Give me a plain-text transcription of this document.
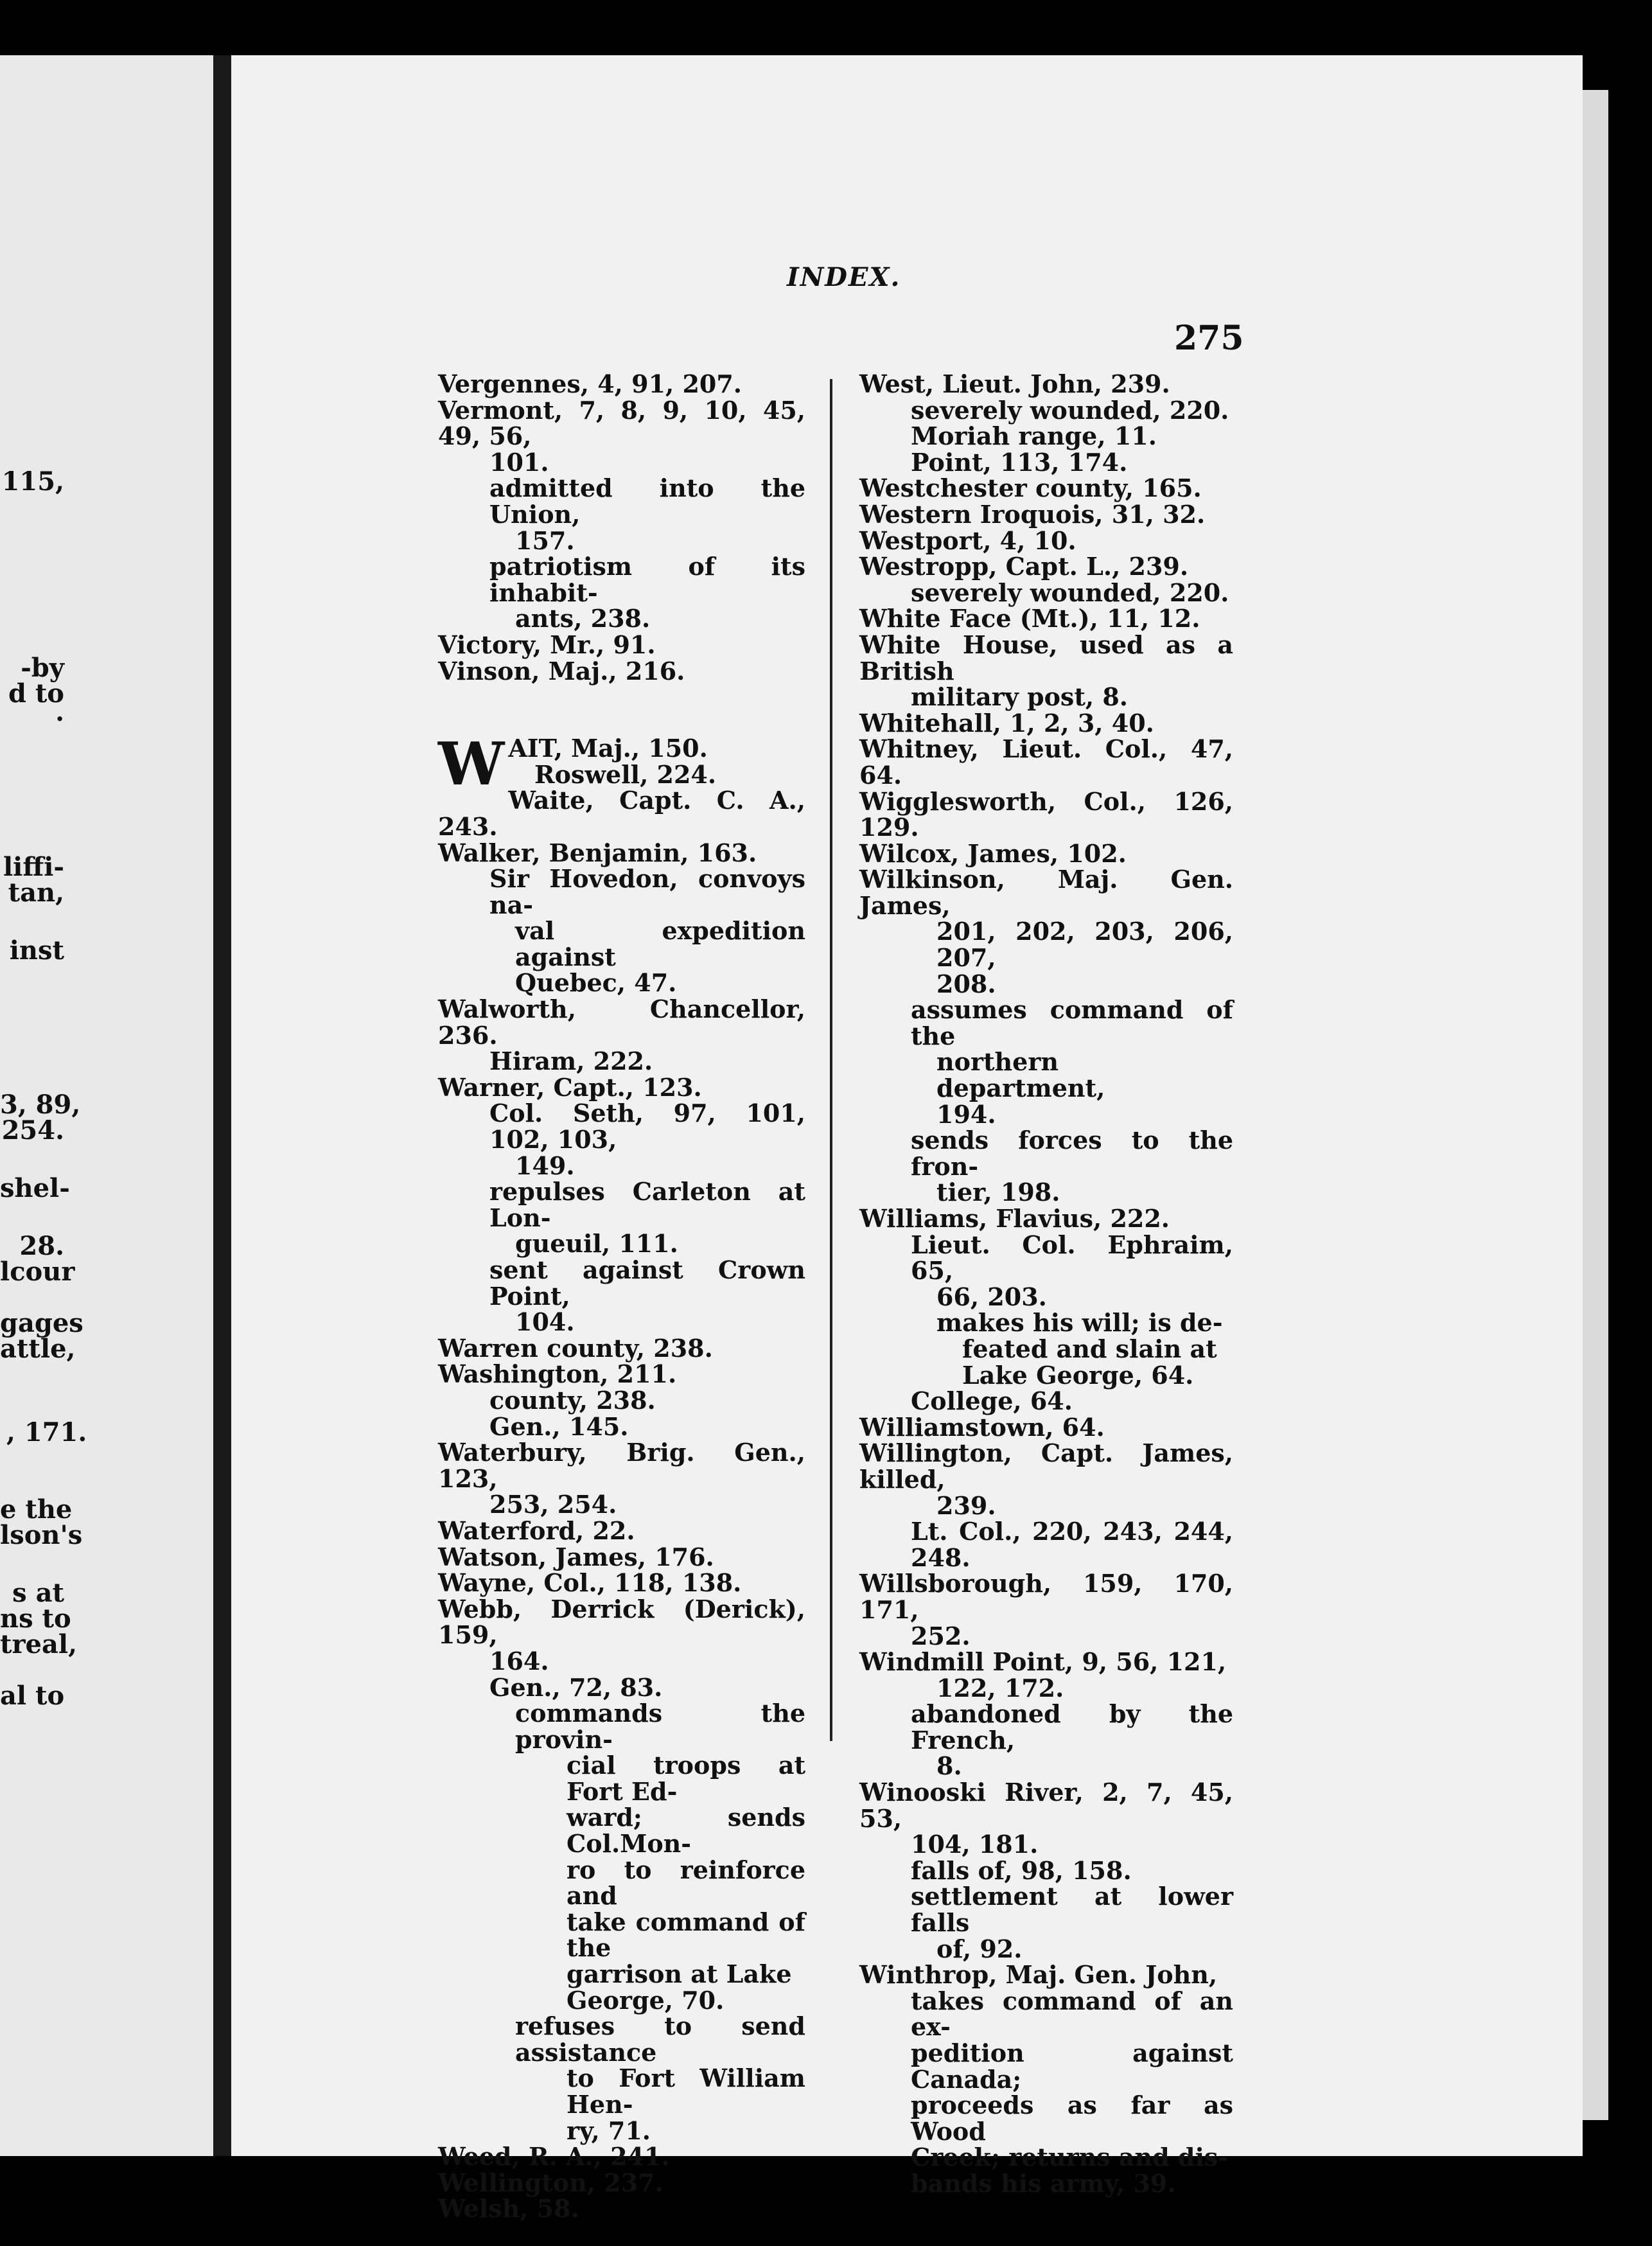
115,
-by
d to
·
liffi-
tan,
inst
3, 89,
254.
shel-
28.
lcour
gages
attle,
, 171.
e the
lson's
s at
ns to
treal,
al to
INDEX.
275

Vergennes, 4, 91, 207.

Vermont, 7, 8, 9, 10, 45, 49, 56,

101.

admitted into the Union,

157.

patriotism of its inhabit-

ants, 238.

Victory, Mr., 91.

Vinson, Maj., 216.

WAIT, Maj., 150.

Roswell, 224.

Waite, Capt. C. A., 243.

Walker, Benjamin, 163.

Sir Hovedon, convoys na-

val expedition against

Quebec, 47.

Walworth, Chancellor, 236.

Hiram, 222.

Warner, Capt., 123.

Col. Seth, 97, 101, 102, 103,

149.

repulses Carleton at Lon-

gueuil, 111.

sent against Crown Point,

104.

Warren county, 238.

Washington, 211.

county, 238.

Gen., 145.

Waterbury, Brig. Gen., 123,

253, 254.

Waterford, 22.

Watson, James, 176.

Wayne, Col., 118, 138.

Webb, Derrick (Derick), 159,

164.

Gen., 72, 83.

commands the provin-

cial troops at Fort Ed-

ward; sends Col.Mon-

ro to reinforce and

take command of the

garrison at Lake

George, 70.

refuses to send assistance

to Fort William Hen-

ry, 71.

Weed, R. A., 241.

Wellington, 237.

Welsh, 58.

West, Lieut. John, 239.

severely wounded, 220.

Moriah range, 11.

Point, 113, 174.

Westchester county, 165.

Western Iroquois, 31, 32.

Westport, 4, 10.

Westropp, Capt. L., 239.

severely wounded, 220.

White Face (Mt.), 11, 12.

White House, used as a British

military post, 8.

Whitehall, 1, 2, 3, 40.

Whitney, Lieut. Col., 47, 64.

Wigglesworth, Col., 126, 129.

Wilcox, James, 102.

Wilkinson, Maj. Gen. James,

201, 202, 203, 206, 207,

208.

assumes command of the

northern department,

194.

sends forces to the fron-

tier, 198.

Williams, Flavius, 222.

Lieut. Col. Ephraim, 65,

66, 203.

makes his will; is de-

feated and slain at

Lake George, 64.

College, 64.

Williamstown, 64.

Willington, Capt. James, killed,

239.

Lt. Col., 220, 243, 244, 248.

Willsborough, 159, 170, 171,

252.

Windmill Point, 9, 56, 121,

122, 172.

abandoned by the French,

8.

Winooski River, 2, 7, 45, 53,

104, 181.

falls of, 98, 158.

settlement at lower falls

of, 92.

Winthrop, Maj. Gen. John,

takes command of an ex-

pedition against Canada;

proceeds as far as Wood

Creek; returns and dis-

bands his army, 39.
